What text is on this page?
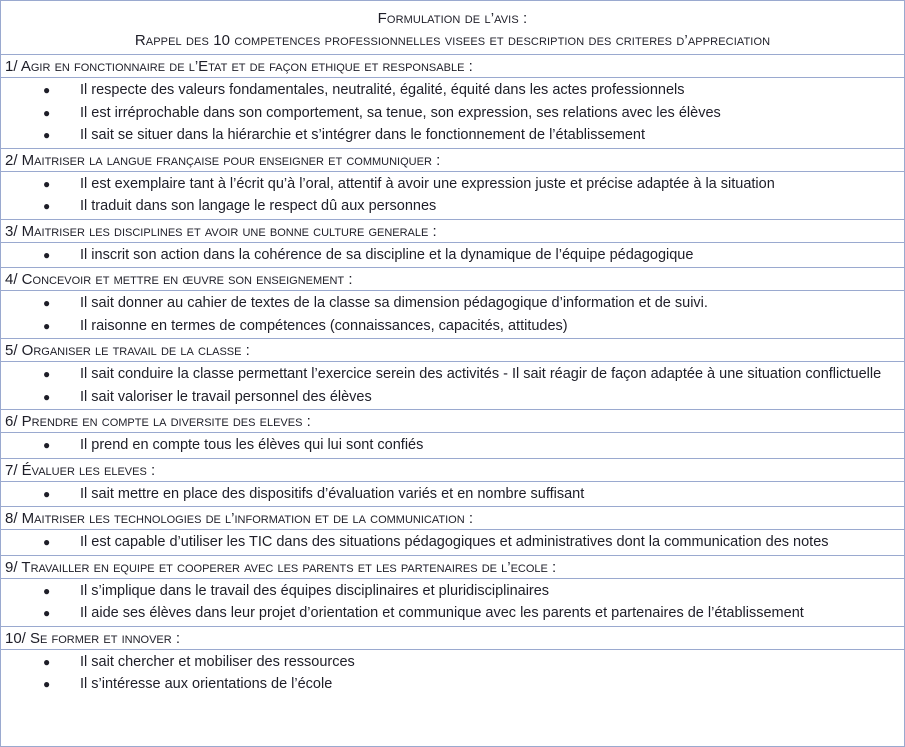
Formulation de l’avis :
Rappel des 10 competences professionnelles visees et description des criteres d’appreciation
1/ Agir en fonctionnaire de l’Etat et de façon ethique et responsable :
● Il respecte des valeurs fondamentales, neutralité, égalité, équité dans les actes professionnels
● Il est irréprochable dans son comportement, sa tenue, son expression, ses relations avec les élèves
● Il sait se situer dans la hiérarchie et s’intégrer dans le fonctionnement de l’établissement
2/ Maitriser la langue française pour enseigner et communiquer :
● Il est exemplaire tant à l’écrit qu’à l’oral, attentif à avoir une expression juste et précise adaptée à la situation
● Il traduit dans son langage le respect dû aux personnes
3/ Maitriser les disciplines et avoir une bonne culture generale :
● Il inscrit son action dans la cohérence de sa discipline et la dynamique de l’équipe pédagogique
4/ Concevoir et mettre en œuvre son enseignement :
● Il sait donner au cahier de textes de la classe sa dimension pédagogique d’information et de suivi.
● Il raisonne en termes de compétences (connaissances, capacités, attitudes)
5/ Organiser le travail de la classe :
● Il sait conduire la classe permettant l’exercice serein des activités - Il sait réagir de façon adaptée à une situation conflictuelle
● Il sait valoriser le travail personnel des élèves
6/ Prendre en compte la diversite des eleves :
● Il prend en compte tous les élèves qui lui sont confiés
7/ Évaluer les eleves :
● Il sait mettre en place des dispositifs d’évaluation variés et en nombre suffisant
8/ Maitriser les technologies de l’information et de la communication :
● Il est capable d’utiliser les TIC dans des situations pédagogiques et administratives dont la communication des notes
9/ Travailler en equipe et cooperer avec les parents et les partenaires de l’ecole :
● Il s’implique dans le travail des équipes disciplinaires et pluridisciplinaires
● Il aide ses élèves dans leur projet d’orientation et communique avec les parents et partenaires de l’établissement
10/ Se former et innover :
● Il sait chercher et mobiliser des ressources
● Il s’intéresse aux orientations de l’école
